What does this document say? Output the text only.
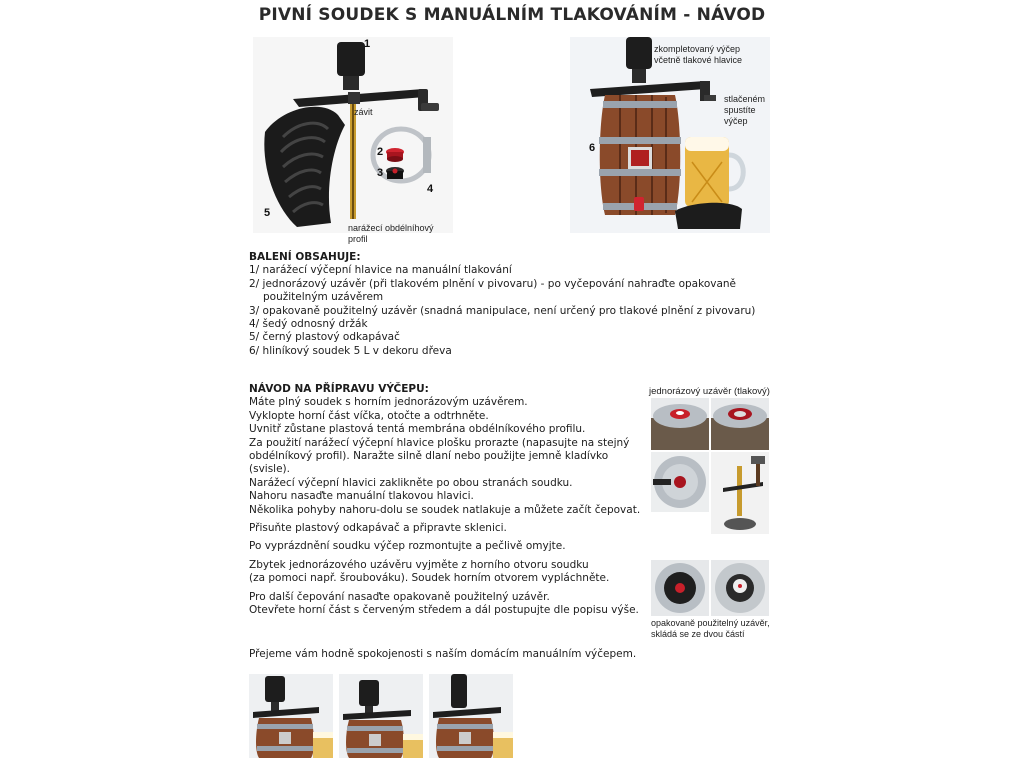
PIVNÍ SOUDEK S MANUÁLNÍM TLAKOVÁNÍM - NÁVOD
1
závit
2
3
4
5
narážecí obdélníhový profil
6
zkompletovaný výčep
včetně tlakové hlavice
stlačeném
spustíte
výčep
BALENÍ OBSAHUJE:

1/ narážecí výčepní hlavice na manuální tlakování

2/ jednorázový uzávěr (při tlakovém plnění v pivovaru) - po vyčepování nahraďte opakovaně

použitelným uzávěrem

3/ opakovaně použitelný uzávěr (snadná manipulace, není určený pro tlakové plnění z pivovaru)

4/ šedý odnosný držák

5/ černý plastový odkapávač

6/ hliníkový soudek 5 L v dekoru dřeva

NÁVOD NA PŘÍPRAVU VÝČEPU:

Máte plný soudek s horním jednorázovým uzávěrem.

Vyklopte horní část víčka, otočte a odtrhněte.

Uvnitř zůstane plastová tentá membrána obdélníkového profilu.

Za použití narážecí výčepní hlavice plošku prorazte (napasujte na stejný

obdélníkový profil). Naražte silně dlaní nebo použijte jemně kladívko (svisle).

Narážecí výčepní hlavici zaklikněte po obou stranách soudku.

Nahoru nasaďte manuální tlakovou hlavici.

Několika pohyby nahoru-dolu se soudek natlakuje a můžete začít čepovat.

Přisuňte plastový odkapávač a připravte sklenici.

Po vyprázdnění soudku výčep rozmontujte a pečlivě omyjte.

Zbytek jednorázového uzávěru vyjměte z horního otvoru soudku

(za pomoci např. šroubováku). Soudek horním otvorem vypláchněte.

Pro další čepování nasaďte opakovaně použitelný uzávěr.

Otevřete horní část s červeným středem a dál postupujte dle popisu výše.

Přejeme vám hodně spokojenosti s naším domácím manuálním výčepem.

jednorázový uzávěr (tlakový)
opakovaně použitelný uzávěr,
skládá se ze dvou částí
